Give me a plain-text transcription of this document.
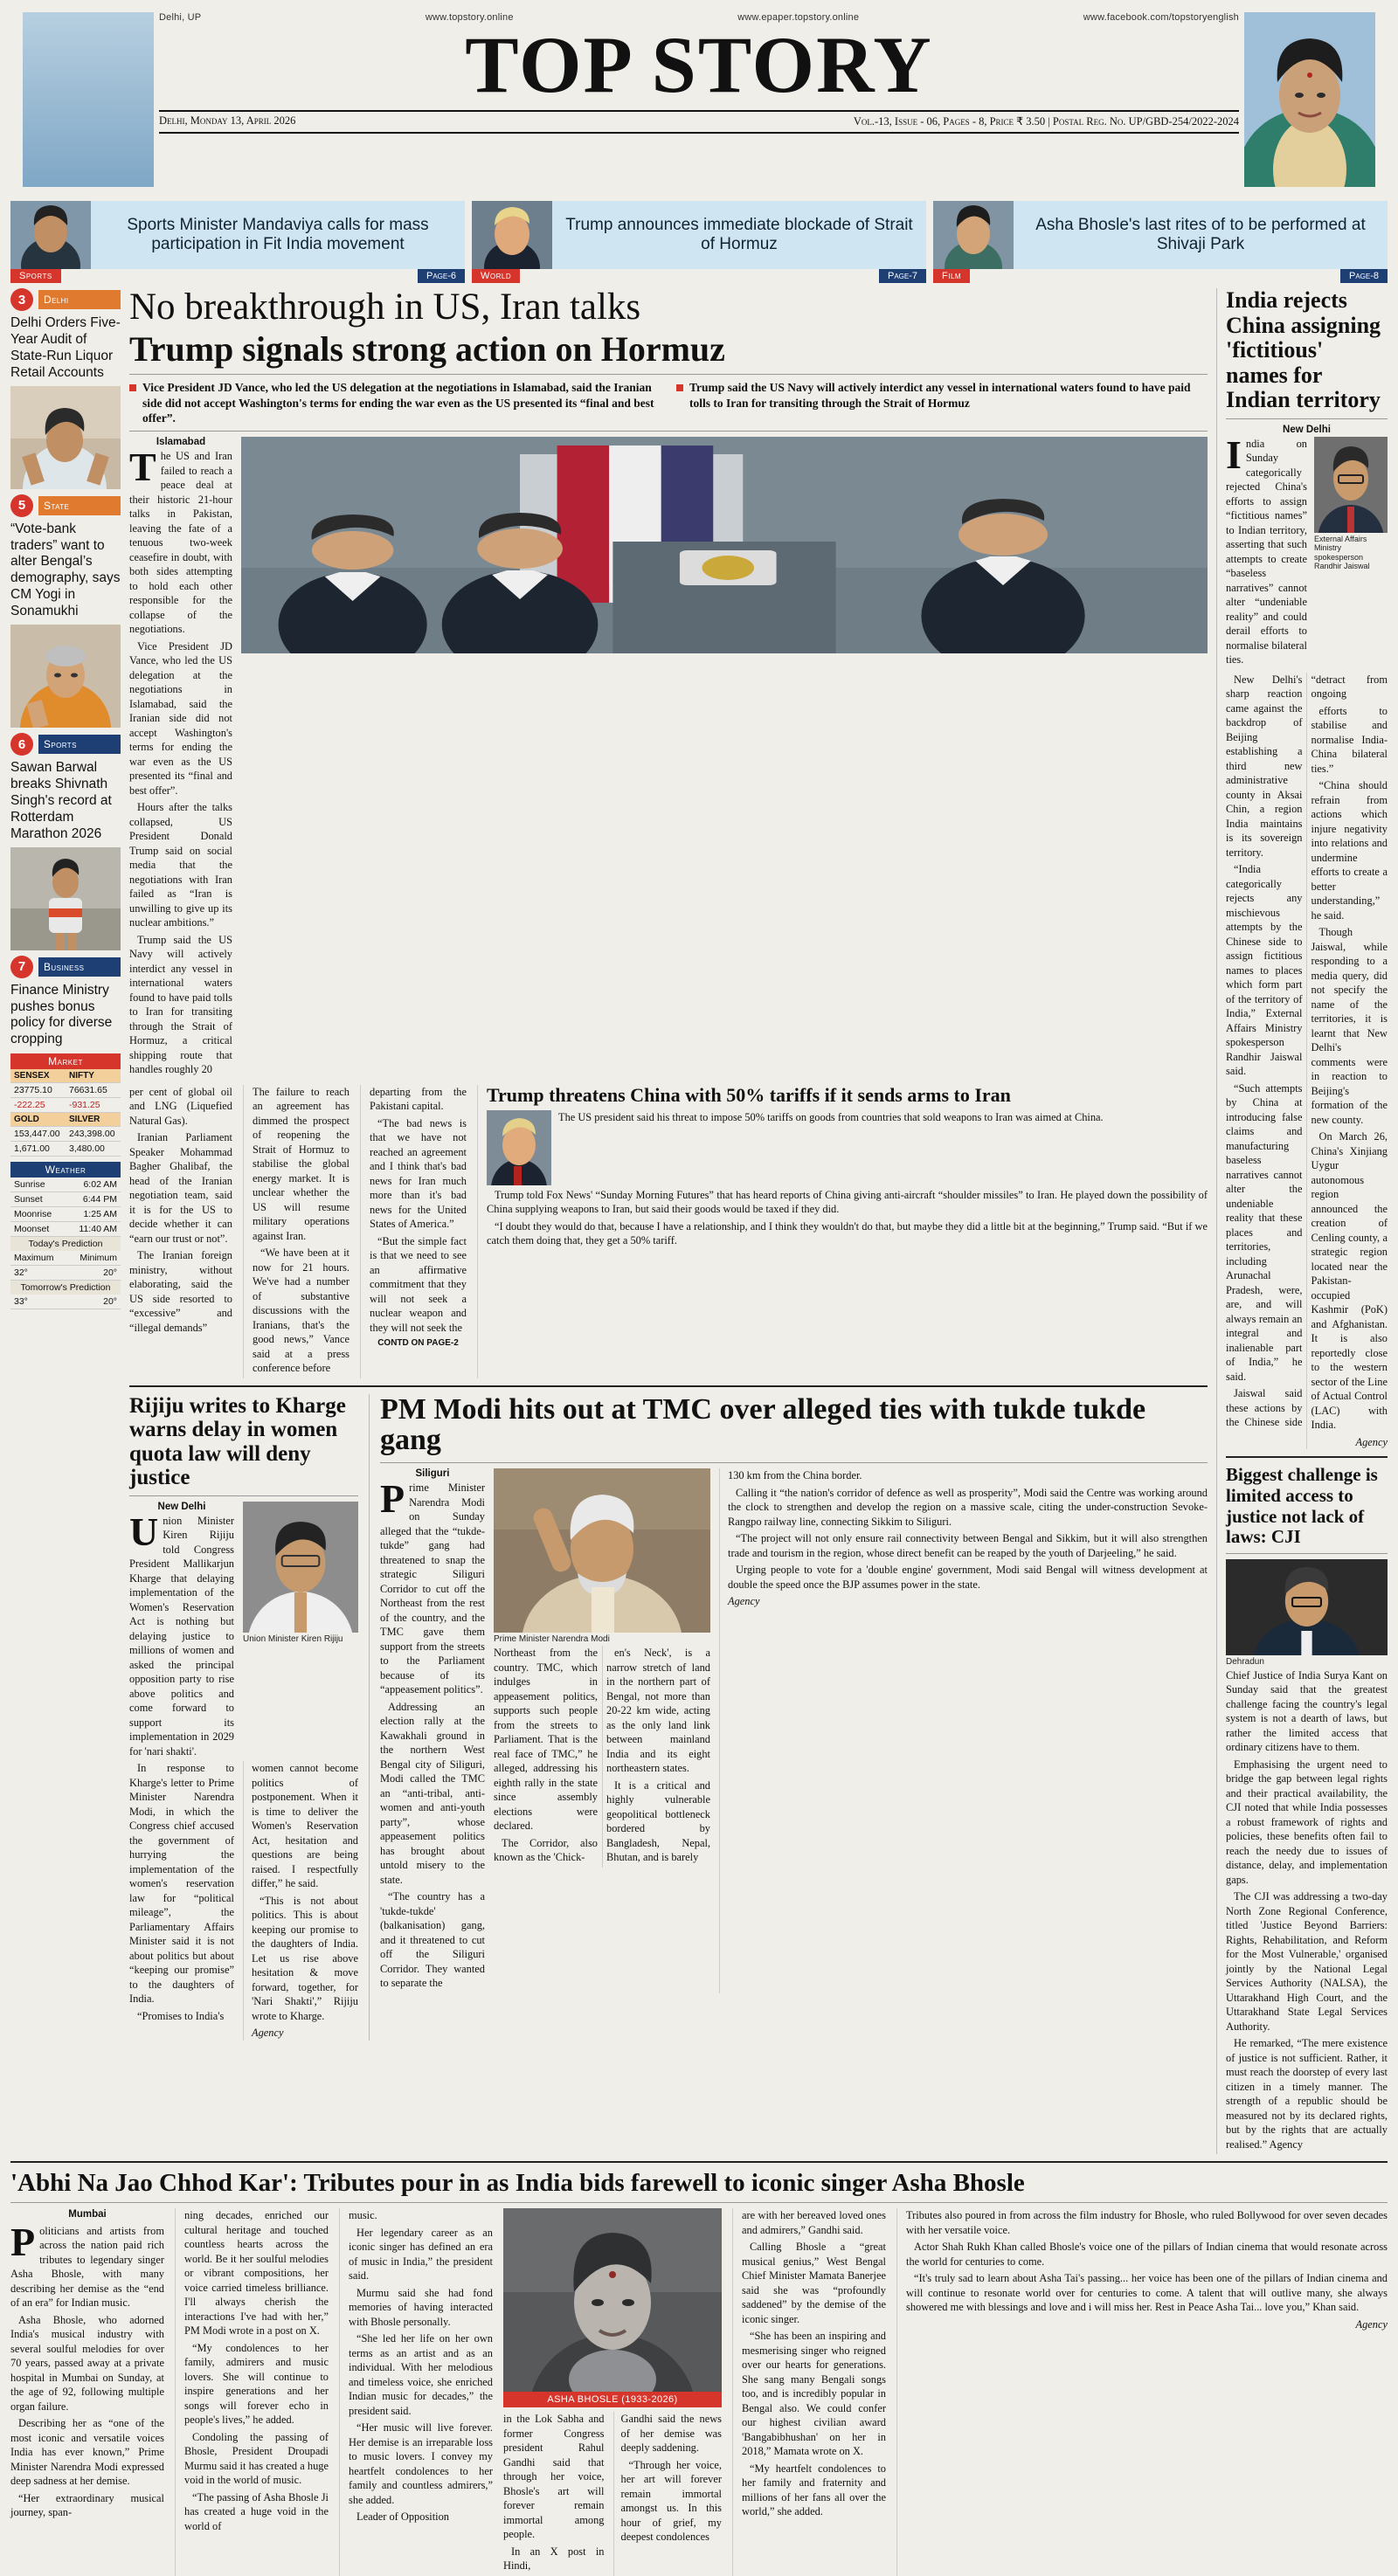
Delhi, UP	www.topstory.online	www.epaper.topstory.online	www.facebook.com/topstoryenglish
TOP STORY
Delhi, Monday 13, April 2026	Vol.-13, Issue - 06, Pages - 8, Price ₹ 3.50 | Postal Reg. No. UP/GBD-254/2022-2024
Sports Minister Mandaviya calls for mass participation in Fit India movement
Sports	Page-6
Trump announces immediate blockade of Strait of Hormuz
World	Page-7
Asha Bhosle's last rites of to be performed at Shivaji Park
Film	Page-8
3	Delhi
Delhi Orders Five-Year Audit of State-Run Liquor Retail Accounts
5	State
“Vote-bank traders” want to alter Bengal’s demography, says CM Yogi in Sonamukhi
6	Sports
Sawan Barwal breaks Shivnath Singh's record at Rotterdam Marathon 2026
7	Business
Finance Ministry pushes bonus policy for diverse cropping
Market
SENSEX	NIFTY
23775.10	76631.65
-222.25	-931.25
GOLD	SILVER
153,447.00 243,398.00
1,671.00	3,480.00
Weather
Sunrise	6:02 AM
Sunset	6:44 PM
Moonrise	1:25 AM
Moonset	11:40 AM
Today's Prediction
Maximum	Minimum
32°	20°
Tomorrow's Prediction
33°	20°
No breakthrough in US, Iran talks
Trump signals strong action on Hormuz
Vice President JD Vance, who led the US delegation at the negotiations in Islamabad, said the Iranian side did not accept Washington's terms for ending the war even as the US presented its “final and best offer”.
Trump said the US Navy will actively interdict any vessel in international waters found to have paid tolls to Iran for transiting through the Strait of Hormuz
Islamabad

The US and Iran failed to reach a peace deal at their historic 21-hour talks in Pakistan, leaving the fate of a tenuous two-week ceasefire in doubt, with both sides attempting to hold each other responsible for the collapse of the negotiations.

Vice President JD Vance, who led the US delegation at the negotiations in Islamabad, said the Iranian side did not accept Washington's terms for ending the war even as the US presented its “final and best offer”.

Hours after the talks collapsed, US President Donald Trump said on social media that the negotiations with Iran failed as “Iran is unwilling to give up its nuclear ambitions.”

Trump said the US Navy will actively interdict any vessel in international waters found to have paid tolls to Iran for transiting through the Strait of Hormuz, a critical shipping route that handles roughly 20

per cent of global oil and LNG (Liquefied Natural Gas).

Iranian Parliament Speaker Mohammad Bagher Ghalibaf, the head of the Iranian negotiation team, said it is for the US to decide whether it can “earn our trust or not”.

The Iranian foreign ministry, without elaborating, said the US side resorted to “excessive” and “illegal demands”

The failure to reach an agreement has dimmed the prospect of reopening the Strait of Hormuz to stabilise the global energy market. It is unclear whether the US will resume military operations against Iran.

“We have been at it now for 21 hours. We've had a number of substantive discussions with the Iranians, that's the good news,” Vance said at a press conference before

departing from the Pakistani capital.

“The bad news is that we have not reached an agreement and I think that's bad news for Iran much more than it's bad news for the United States of America.”

“But the simple fact is that we need to see an affirmative commitment that they will not seek a nuclear weapon and they will not seek the

CONTD ON PAGE-2
Trump threatens China with 50% tariffs if it sends arms to Iran

The US president said his threat to impose 50% tariffs on goods from countries that sold weapons to Iran was aimed at China.

Trump told Fox News' “Sunday Morning Futures” that has heard reports of China giving anti-aircraft “shoulder missiles” to Iran. He played down the possibility of China supplying weapons to Iran, but said their goods would be taxed if they did.

“I doubt they would do that, because I have a relationship, and I think they wouldn't do that, but maybe they did a little bit at the beginning,” Trump said. “But if we catch them doing that, they get a 50% tariff.

Rijiju writes to Kharge warns delay in women quota law will deny justice
New Delhi

Union Minister Kiren Rijiju told Congress President Mallikarjun Kharge that delaying implementation of the Women's Reservation Act is nothing but delaying justice to millions of women and asked the principal opposition party to rise above politics and come forward to support its implementation in 2029 for 'nari shakti'.

Union Minister Kiren Rijiju

In response to Kharge's letter to Prime Minister Narendra Modi, in which the Congress chief accused the government of hurrying the implementation of the women's reservation law for “political mileage”, the Parliamentary Affairs Minister said it is not about politics but about “keeping our promise” to the daughters of India.

“Promises to India's

women cannot become politics of postponement. When it is time to deliver the Women's Reservation Act, hesitation and questions are being raised. I respectfully differ,” he said.

“This is not about politics. This is about keeping our promise to the daughters of India. Let us rise above hesitation & move forward, together, for 'Nari Shakti',” Rijiju wrote to Kharge.

Agency
PM Modi hits out at TMC over alleged ties with tukde tukde gang
Siliguri

Prime Minister Narendra Modi on Sunday alleged that the “tukde-tukde” gang had threatened to snap the strategic Siliguri Corridor to cut off the Northeast from the rest of the country, and the TMC gave them support from the streets to the Parliament because of its “appeasement politics”.

Addressing an election rally at the Kawakhali ground in the northern West Bengal city of Siliguri, Modi called the TMC an “anti-tribal, anti-women and anti-youth party”, whose appeasement politics has brought about untold misery to the state.

“The country has a 'tukde-tukde' (balkanisation) gang, and it threatened to cut off the Siliguri Corridor. They wanted to separate the

Prime Minister Narendra Modi

Northeast from the country. TMC, which indulges in appeasement politics, supports such people from the streets to Parliament. That is the real face of TMC,” he alleged, addressing his eighth rally in the state since assembly elections were declared.

The Corridor, also known as the 'Chick-

en's Neck', is a narrow stretch of land in the northern part of Bengal, not more than 20-22 km wide, acting as the only land link between mainland India and its eight northeastern states.

It is a critical and highly vulnerable geopolitical bottleneck bordered by Bangladesh, Nepal, Bhutan, and is barely

130 km from the China border.

Calling it “the nation's corridor of defence as well as prosperity”, Modi said the Centre was working around the clock to strengthen and develop the region on a massive scale, citing the under-construction Sevoke-Rangpo railway line, connecting Sikkim to Siliguri.

“The project will not only ensure rail connectivity between Bengal and Sikkim, but it will also strengthen trade and tourism in the region, whose direct benefit can be reaped by the youth of Darjeeling,” he said.

Urging people to vote for a 'double engine' government, Modi said Bengal will witness development at double the speed once the BJP assumes power in the state.

Agency
India rejects China assigning 'fictitious' names for Indian territory
New Delhi

India on Sunday categorically rejected China's efforts to assign “fictitious names” to Indian territory, asserting that such attempts to create “baseless narratives” cannot alter “undeniable reality” and could derail efforts to normalise bilateral ties.

External Affairs Ministry spokesperson Randhir Jaiswal

New Delhi's sharp reaction came against the backdrop of Beijing establishing a third new administrative county in Aksai Chin, a region India maintains is its sovereign territory.

“India categorically rejects any mischievous attempts by the Chinese side to assign fictitious names to places which form part of the territory of India,” External Affairs Ministry spokesperson Randhir Jaiswal said.

“Such attempts by China at introducing false claims and manufacturing baseless narratives cannot alter the undeniable reality that these places and territories, including Arunachal Pradesh, were, are, and will always remain an integral and inalienable part of India,” he said.

Jaiswal said these actions by the Chinese side “detract from ongoing

efforts to stabilise and normalise India-China bilateral ties.”

“China should refrain from actions which injure negativity into relations and undermine efforts to create a better understanding,” he said.

Though Jaiswal, while responding to a media query, did not specify the name of the territories, it is learnt that New Delhi's comments were in reaction to Beijing's formation of the new county.

On March 26, China's Xinjiang Uygur autonomous region announced the creation of Cenling county, a strategic region located near the Pakistan-occupied Kashmir (PoK) and Afghanistan. It is also reportedly close to the western sector of the Line of Actual Control (LAC) with India.

Agency

Biggest challenge is limited access to justice not lack of laws: CJI
Dehradun

Chief Justice of India Surya Kant on Sunday said that the greatest challenge facing the country's legal system is not a dearth of laws, but rather the limited access that ordinary citizens have to them.

Emphasising the urgent need to bridge the gap between legal rights and their practical availability, the CJI noted that while India possesses a robust framework of rights and policies, these benefits often fail to reach the needy due to issues of distance, delay, and implementation gaps.

The CJI was addressing a two-day North Zone Regional Conference, titled 'Justice Beyond Barriers: Rights, Rehabilitation, and Reform for the Most Vulnerable,' organised jointly by the National Legal Services Authority (NALSA), the Uttarakhand High Court, and the Uttarakhand State Legal Services Authority.

He remarked, “The mere existence of justice is not sufficient. Rather, it must reach the doorstep of every last citizen in a timely manner. The strength of a republic should be measured not by its declared rights, but by the rights that are actually realised.” Agency

'Abhi Na Jao Chhod Kar': Tributes pour in as India bids farewell to iconic singer Asha Bhosle
Mumbai

Politicians and artists from across the nation paid rich tributes to legendary singer Asha Bhosle, with many describing her demise as the “end of an era” for Indian music.

Asha Bhosle, who adorned India's musical industry with several soulful melodies for over 70 years, passed away at a private hospital in Mumbai on Sunday, at the age of 92, following multiple organ failure.

Describing her as “one of the most iconic and versatile voices India has ever known,” Prime Minister Narendra Modi expressed deep sadness at her demise.

“Her extraordinary musical journey, span-

ning decades, enriched our cultural heritage and touched countless hearts across the world. Be it her soulful melodies or vibrant compositions, her voice carried timeless brilliance. I'll always cherish the interactions I've had with her,” PM Modi wrote in a post on X.

“My condolences to her family, admirers and music lovers. She will continue to inspire generations and her songs will forever echo in people's lives,” he added.

Condoling the passing of Bhosle, President Droupadi Murmu said it has created a huge void in the world of music.

“The passing of Asha Bhosle Ji has created a huge void in the world of

music.

Her legendary career as an iconic singer has defined an era of music in India,” the president said.

Murmu said she had fond memories of having interacted with Bhosle personally.

“She led her life on her own terms as an artist and as an individual. With her melodious and timeless voice, she enriched Indian music for decades,” the president said.

“Her music will live forever. Her demise is an irreparable loss to music lovers. I convey my heartfelt condolences to her family and countless admirers,” she added.

Leader of Opposition

ASHA BHOSLE (1933-2026)

in the Lok Sabha and former Congress president Rahul Gandhi said that through her voice, Bhosle's art will forever remain immortal among people.

In an X post in Hindi,

Gandhi said the news of her demise was deeply saddening.

“Through her voice, her art will forever remain immortal amongst us. In this hour of grief, my deepest condolences

are with her bereaved loved ones and admirers,” Gandhi said.

Calling Bhosle a “great musical genius,” West Bengal Chief Minister Mamata Banerjee said she was “profoundly saddened” by the demise of the iconic singer.

“She has been an inspiring and mesmerising singer who reigned over our hearts for generations. She sang many Bengali songs too, and is incredibly popular in Bengal also. We could confer our highest civilian award 'Bangabibhushan' on her in 2018,” Mamata wrote on X.

“My heartfelt condolences to her family and fraternity and millions of her fans all over the world,” she added.

Tributes also poured in from across the film industry for Bhosle, who ruled Bollywood for over seven decades with her versatile voice.

Actor Shah Rukh Khan called Bhosle's voice one of the pillars of Indian cinema that would resonate across the world for centuries to come.

“It's truly sad to learn about Asha Tai's passing... her voice has been one of the pillars of Indian cinema and will continue to resonate world over for centuries to come. A talent that will outlive many, she always showered me with blessings and love and i will miss her. Rest in Peace Asha Tai... love you,” Khan said.

Agency
